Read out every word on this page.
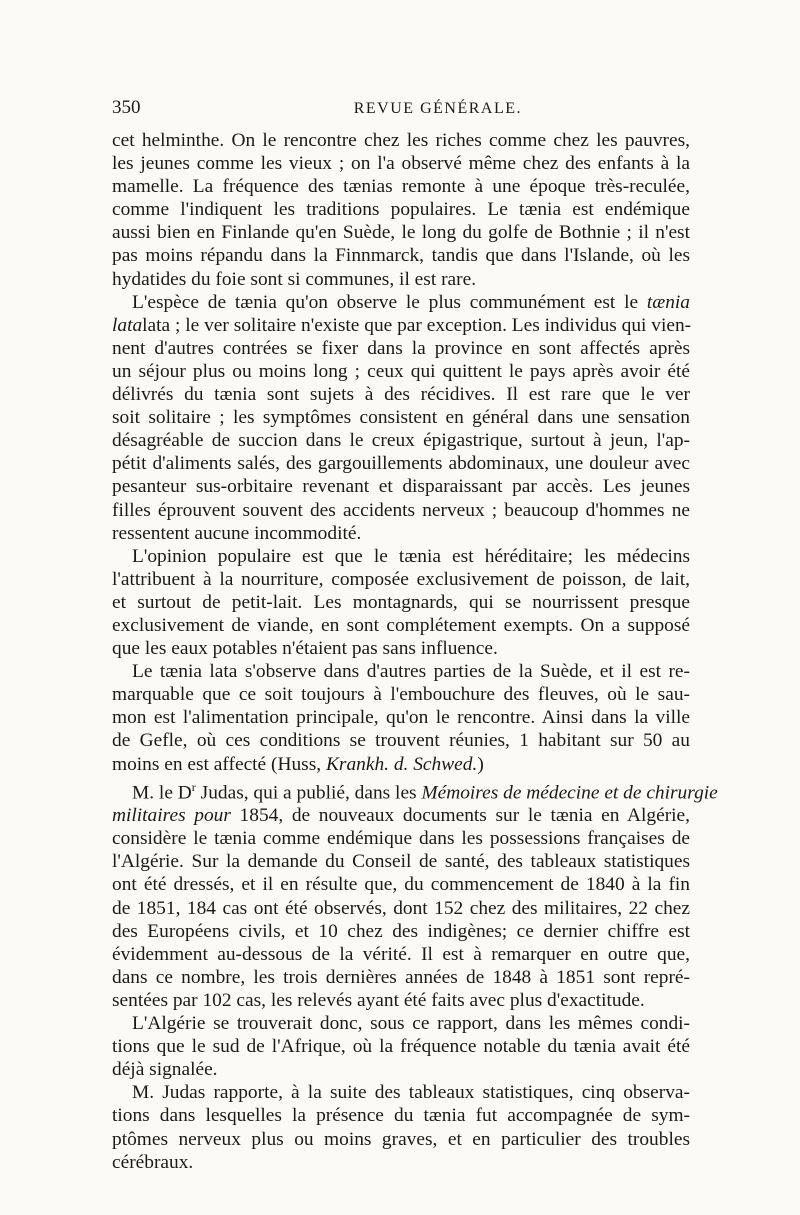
350	REVUE GÉNÉRALE.

cet helminthe. On le rencontre chez les riches comme chez les pauvres,
les jeunes comme les vieux ; on l'a observé même chez des enfants à la
mamelle. La fréquence des tænias remonte à une époque très-reculée,
comme l'indiquent les traditions populaires. Le tænia est endémique
aussi bien en Finlande qu'en Suède, le long du golfe de Bothnie ; il n'est
pas moins répandu dans la Finnmarck, tandis que dans l'Islande, où les
hydatides du foie sont si communes, il est rare.

L'espèce de tænia qu'on observe le plus communément est le tænia
latalata ; le ver solitaire n'existe que par exception. Les individus qui vien-
nent d'autres contrées se fixer dans la province en sont affectés après
un séjour plus ou moins long ; ceux qui quittent le pays après avoir été
délivrés du tænia sont sujets à des récidives. Il est rare que le ver
soit solitaire ; les symptômes consistent en général dans une sensation
désagréable de succion dans le creux épigastrique, surtout à jeun, l'ap-
pétit d'aliments salés, des gargouillements abdominaux, une douleur avec
pesanteur sus-orbitaire revenant et disparaissant par accès. Les jeunes
filles éprouvent souvent des accidents nerveux ; beaucoup d'hommes ne
ressentent aucune incommodité.

L'opinion populaire est que le tænia est héréditaire; les médecins
l'attribuent à la nourriture, composée exclusivement de poisson, de lait,
et surtout de petit-lait. Les montagnards, qui se nourrissent presque
exclusivement de viande, en sont complétement exempts. On a supposé
que les eaux potables n'étaient pas sans influence.

Le tænia lata s'observe dans d'autres parties de la Suède, et il est re-
marquable que ce soit toujours à l'embouchure des fleuves, où le sau-
mon est l'alimentation principale, qu'on le rencontre. Ainsi dans la ville
de Gefle, où ces conditions se trouvent réunies, 1 habitant sur 50 au
moins en est affecté (Huss, Krankh. d. Schwed.)

M. le $D^r$ Judas, qui a publié, dans les Mémoires de médecine et de chirurgie
militaires pour 1854, de nouveaux documents sur le tænia en Algérie,
considère le tænia comme endémique dans les possessions françaises de
l'Algérie. Sur la demande du Conseil de santé, des tableaux statistiques
ont été dressés, et il en résulte que, du commencement de 1840 à la fin
de 1851, 184 cas ont été observés, dont 152 chez des militaires, 22 chez
des Européens civils, et 10 chez des indigènes; ce dernier chiffre est
évidemment au-dessous de la vérité. Il est à remarquer en outre que,
dans ce nombre, les trois dernières années de 1848 à 1851 sont repré-
sentées par 102 cas, les relevés ayant été faits avec plus d'exactitude.

L'Algérie se trouverait donc, sous ce rapport, dans les mêmes condi-
tions que le sud de l'Afrique, où la fréquence notable du tænia avait été
déjà signalée.

M. Judas rapporte, à la suite des tableaux statistiques, cinq observa-
tions dans lesquelles la présence du tænia fut accompagnée de sym-
ptômes nerveux plus ou moins graves, et en particulier des troubles
cérébraux.
